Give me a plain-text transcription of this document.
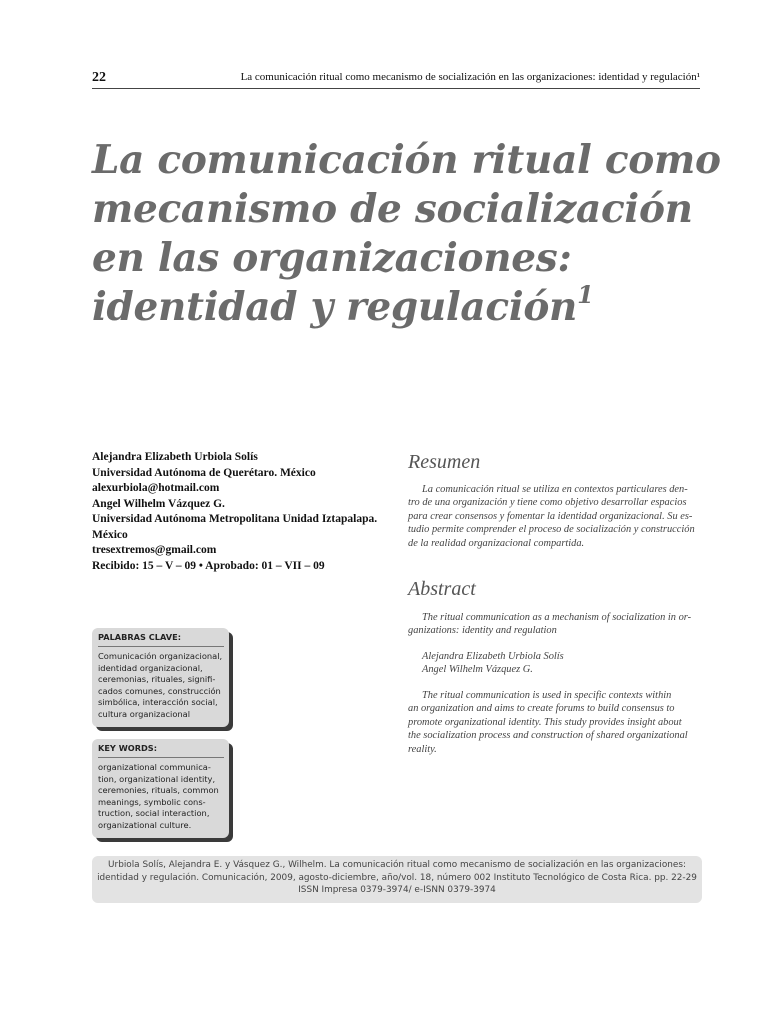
22	La comunicación ritual como mecanismo de socialización en las organizaciones: identidad y regulación¹
La comunicación ritual como
mecanismo de socialización
en las organizaciones:
identidad y regulación$^1$
Alejandra Elizabeth Urbiola Solís
Universidad Autónoma de Querétaro. México
alexurbiola@hotmail.com
Angel Wilhelm Vázquez G.
Universidad Autónoma Metropolitana Unidad Iztapalapa.
México
tresextremos@gmail.com
Recibido: 15 – V – 09 • Aprobado: 01 – VII – 09
Resumen
La comunicación ritual se utiliza en contextos particulares den-
tro de una organización y tiene como objetivo desarrollar espacios
para crear consensos y fomentar la identidad organizacional. Su es-
tudio permite comprender el proceso de socialización y construcción
de la realidad organizacional compartida.
Abstract
The ritual communication as a mechanism of socialization in or-
ganizations: identity and regulation
Alejandra Elizabeth Urbiola Solís
Angel Wilhelm Vázquez G.
The ritual communication is used in specific contexts within
an organization and aims to create forums to build consensus to
promote organizational identity. This study provides insight about
the socialization process and construction of shared organizational
reality.
PALABRAS CLAVE:
Comunicación organizacional,
identidad organizacional,
ceremonias, rituales, signifi-
cados comunes, construcción
simbólica, interacción social,
cultura organizacional
KEY WORDS:
organizational communica-
tion, organizational identity,
ceremonies, rituals, common
meanings, symbolic cons-
truction, social interaction,
organizational culture.
Urbiola Solís, Alejandra E. y Vásquez G., Wilhelm. La comunicación ritual como mecanismo de socialización en las organizaciones:
identidad y regulación. Comunicación, 2009, agosto-diciembre, año/vol. 18, número 002 Instituto Tecnológico de Costa Rica. pp. 22-29
ISSN Impresa 0379-3974/ e-ISNN 0379-3974
